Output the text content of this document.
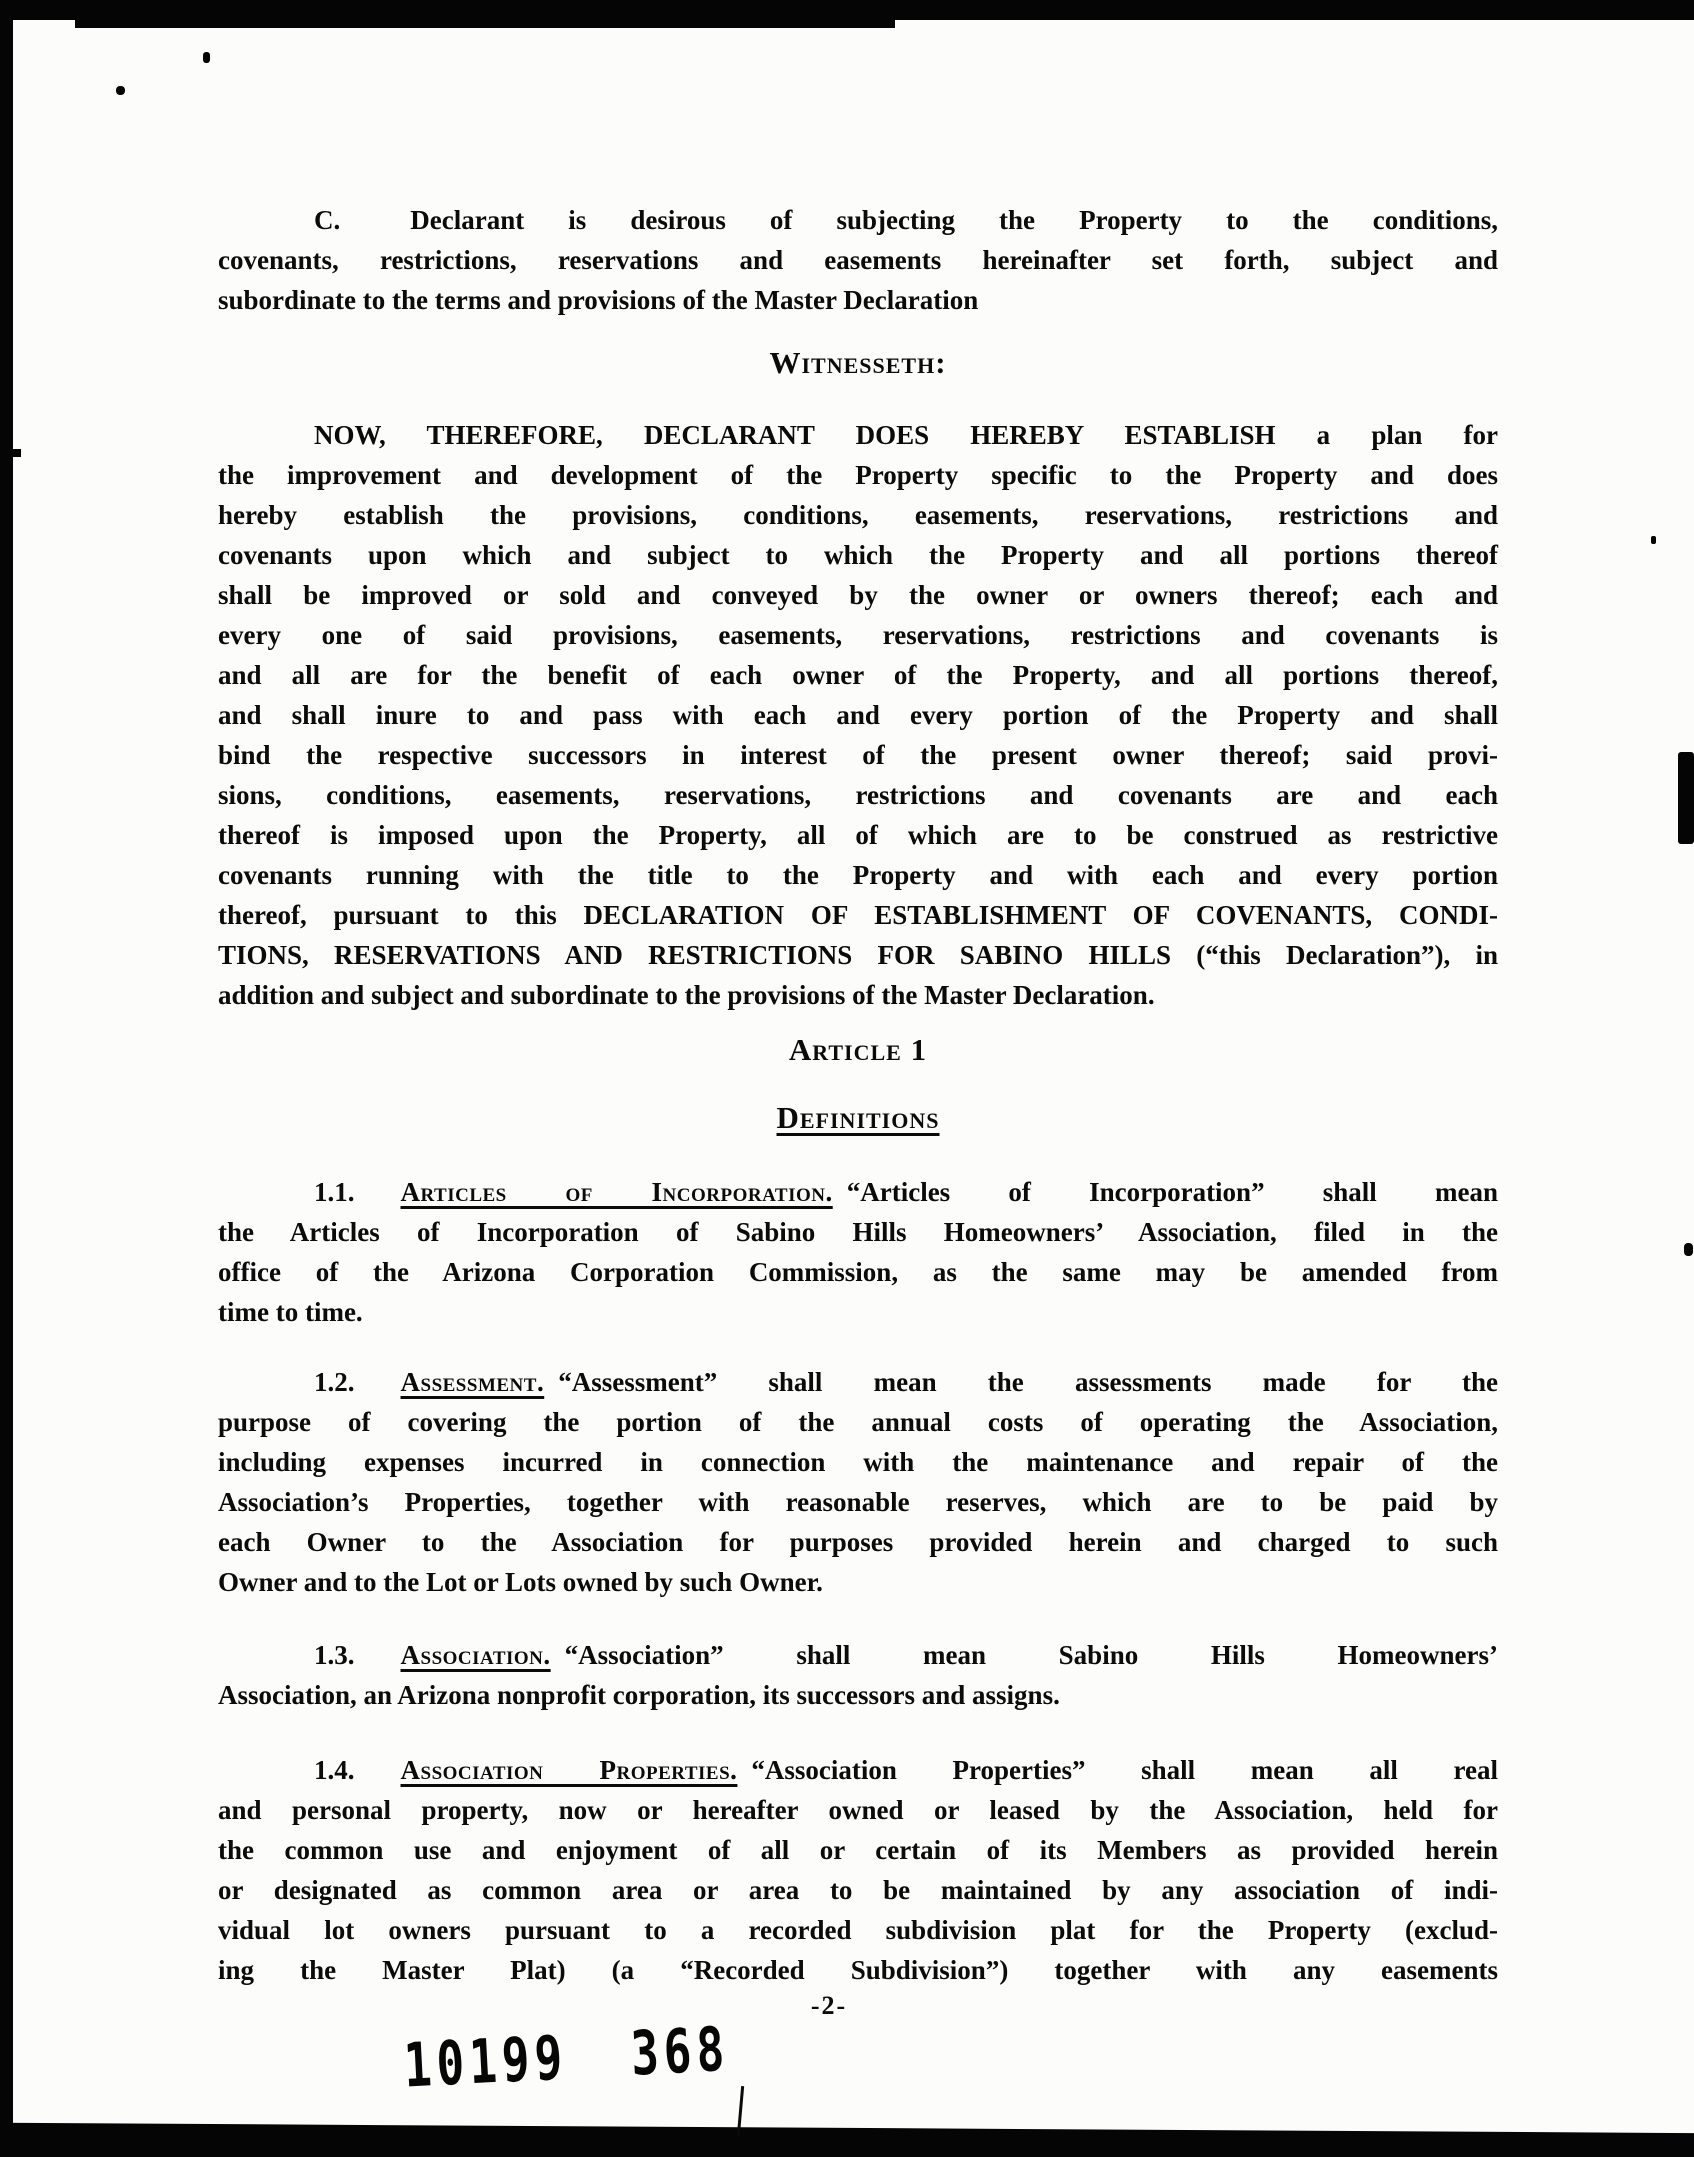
C.	Declarant is desirous of subjecting the Property to the conditions,
covenants, restrictions, reservations and easements hereinafter set forth, subject and
subordinate to the terms and provisions of the Master Declaration
Witnesseth:
NOW, THEREFORE, DECLARANT DOES HEREBY ESTABLISH a plan for
the improvement and development of the Property specific to the Property and does
hereby establish the provisions, conditions, easements, reservations, restrictions and
covenants upon which and subject to which the Property and all portions thereof
shall be improved or sold and conveyed by the owner or owners thereof; each and
every one of said provisions, easements, reservations, restrictions and covenants is
and all are for the benefit of each owner of the Property, and all portions thereof,
and shall inure to and pass with each and every portion of the Property and shall
bind the respective successors in interest of the present owner thereof; said provi-
sions, conditions, easements, reservations, restrictions and covenants are and each
thereof is imposed upon the Property, all of which are to be construed as restrictive
covenants running with the title to the Property and with each and every portion
thereof, pursuant to this DECLARATION OF ESTABLISHMENT OF COVENANTS, CONDI-
TIONS, RESERVATIONS AND RESTRICTIONS FOR SABINO HILLS (“this Declaration”), in
addition and subject and subordinate to the provisions of the Master Declaration.
Article 1
Definitions
1.1. Articles of Incorporation. “Articles of Incorporation” shall mean
the Articles of Incorporation of Sabino Hills Homeowners’ Association, filed in the
office of the Arizona Corporation Commission, as the same may be amended from
time to time.
1.2. Assessment. “Assessment” shall mean the assessments made for the
purpose of covering the portion of the annual costs of operating the Association,
including expenses incurred in connection with the maintenance and repair of the
Association’s Properties, together with reasonable reserves, which are to be paid by
each Owner to the Association for purposes provided herein and charged to such
Owner and to the Lot or Lots owned by such Owner.
1.3. Association. “Association” shall mean Sabino Hills Homeowners’
Association, an Arizona nonprofit corporation, its successors and assigns.
1.4. Association Properties. “Association Properties” shall mean all real
and personal property, now or hereafter owned or leased by the Association, held for
the common use and enjoyment of all or certain of its Members as provided herein
or designated as common area or area to be maintained by any association of indi-
vidual lot owners pursuant to a recorded subdivision plat for the Property (exclud-
ing the Master Plat) (a “Recorded Subdivision”) together with any easements
-2-
10199 368
